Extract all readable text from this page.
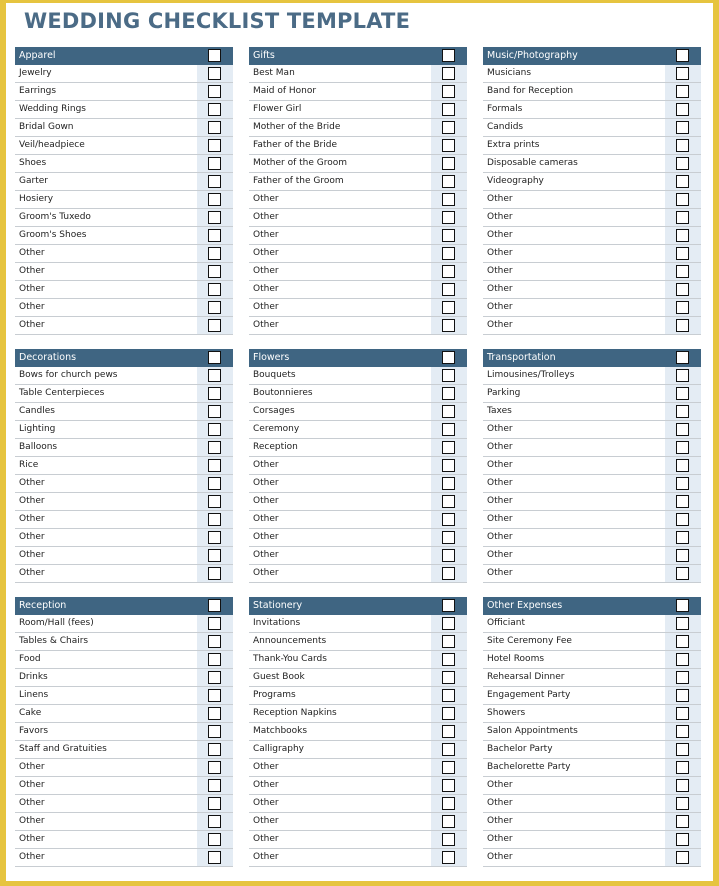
WEDDING CHECKLIST TEMPLATE
Apparel
Jewelry
Earrings
Wedding Rings
Bridal Gown
Veil/headpiece
Shoes
Garter
Hosiery
Groom's Tuxedo
Groom's Shoes
Other
Other
Other
Other
Other
Gifts
Best Man
Maid of Honor
Flower Girl
Mother of the Bride
Father of the Bride
Mother of the Groom
Father of the Groom
Other
Other
Other
Other
Other
Other
Other
Other
Music/Photography
Musicians
Band for Reception
Formals
Candids
Extra prints
Disposable cameras
Videography
Other
Other
Other
Other
Other
Other
Other
Other
Decorations
Bows for church pews
Table Centerpieces
Candles
Lighting
Balloons
Rice
Other
Other
Other
Other
Other
Other
Flowers
Bouquets
Boutonnieres
Corsages
Ceremony
Reception
Other
Other
Other
Other
Other
Other
Other
Transportation
Limousines/Trolleys
Parking
Taxes
Other
Other
Other
Other
Other
Other
Other
Other
Other
Reception
Room/Hall (fees)
Tables & Chairs
Food
Drinks
Linens
Cake
Favors
Staff and Gratuities
Other
Other
Other
Other
Other
Other
Stationery
Invitations
Announcements
Thank-You Cards
Guest Book
Programs
Reception Napkins
Matchbooks
Calligraphy
Other
Other
Other
Other
Other
Other
Other Expenses
Officiant
Site Ceremony Fee
Hotel Rooms
Rehearsal Dinner
Engagement Party
Showers
Salon Appointments
Bachelor Party
Bachelorette Party
Other
Other
Other
Other
Other
